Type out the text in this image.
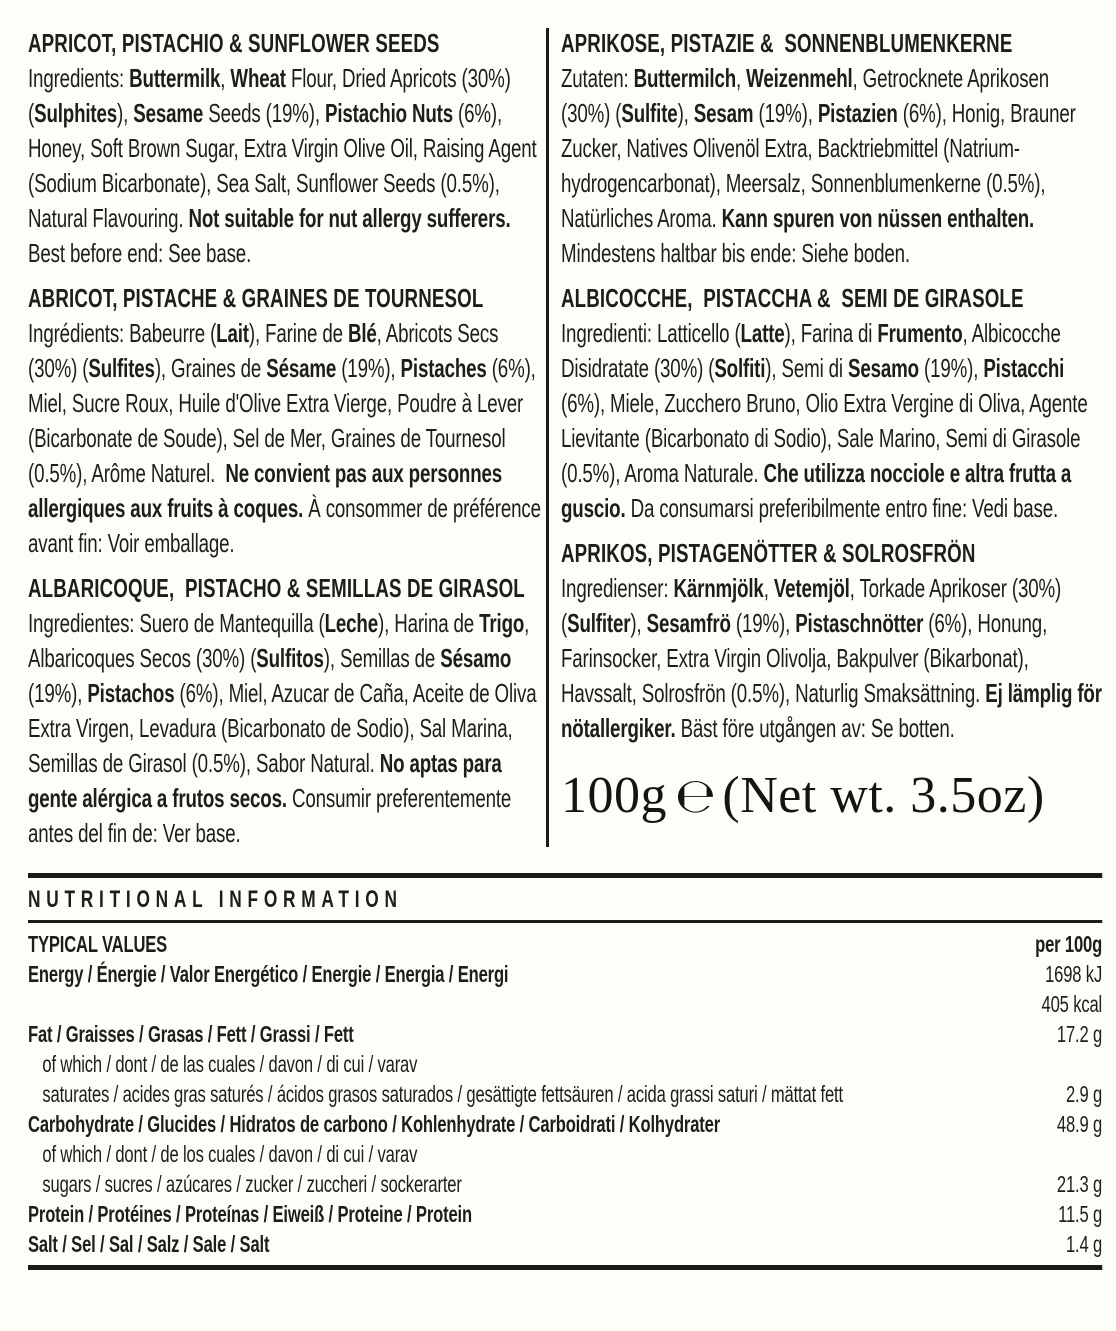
APRICOT, PISTACHIO & SUNFLOWER SEEDS
Ingredients: Buttermilk, Wheat Flour, Dried Apricots (30%) (Sulphites), Sesame Seeds (19%), Pistachio Nuts (6%), Honey, Soft Brown Sugar, Extra Virgin Olive Oil, Raising Agent (Sodium Bicarbonate), Sea Salt, Sunflower Seeds (0.5%), Natural Flavouring. Not suitable for nut allergy sufferers. Best before end: See base.
ABRICOT, PISTACHE & GRAINES DE TOURNESOL
Ingrédients: Babeurre (Lait), Farine de Blé, Abricots Secs (30%) (Sulfites), Graines de Sésame (19%), Pistaches (6%), Miel, Sucre Roux, Huile d'Olive Extra Vierge, Poudre à Lever (Bicarbonate de Soude), Sel de Mer, Graines de Tournesol (0.5%), Arôme Naturel.  Ne convient pas aux personnes allergiques aux fruits à coques. À consommer de préférence avant fin: Voir emballage.
ALBARICOQUE,  PISTACHO & SEMILLAS DE GIRASOL
Ingredientes: Suero de Mantequilla (Leche), Harina de Trigo, Albaricoques Secos (30%) (Sulfitos), Semillas de Sésamo (19%), Pistachos (6%), Miel, Azucar de Caña, Aceite de Oliva Extra Virgen, Levadura (Bicarbonato de Sodio), Sal Marina, Semillas de Girasol (0.5%), Sabor Natural. No aptas para gente alérgica a frutos secos. Consumir preferentemente antes del fin de: Ver base.
APRIKOSE, PISTAZIE &  SONNENBLUMENKERNE
Zutaten: Buttermilch, Weizenmehl, Getrocknete Aprikosen (30%) (Sulfite), Sesam (19%), Pistazien (6%), Honig, Brauner Zucker, Natives Olivenöl Extra, Backtriebmittel (Natrium-hydrogencarbonat), Meersalz, Sonnenblumenkerne (0.5%), Natürliches Aroma. Kann spuren von nüssen enthalten. Mindestens haltbar bis ende: Siehe boden.
ALBICOCCHE,  PISTACCHA &  SEMI DE GIRASOLE
Ingredienti: Latticello (Latte), Farina di Frumento, Albicocche Disidratate (30%) (Solfiti), Semi di Sesamo (19%), Pistacchi (6%), Miele, Zucchero Bruno, Olio Extra Vergine di Oliva, Agente Lievitante (Bicarbonato di Sodio), Sale Marino, Semi di Girasole (0.5%), Aroma Naturale. Che utilizza nocciole e altra frutta a guscio. Da consumarsi preferibilmente entro fine: Vedi base.
APRIKOS, PISTAGENÖTTER & SOLROSFRÖN
Ingredienser: Kärnmjölk, Vetemjöl, Torkade Aprikoser (30%) (Sulfiter), Sesamfrö (19%), Pistaschnötter (6%), Honung, Farinsocker, Extra Virgin Olivolja, Bakpulver (Bikarbonat), Havssalt, Solrosfrön (0.5%), Naturlig Smaksättning. Ej lämplig för nötallergiker. Bäst före utgången av: Se botten.
100g ℮ (Net wt. 3.5oz)
NUTRITIONAL INFORMATION
TYPICAL VALUES	per 100g
Energy / Énergie / Valor Energético / Energie / Energia / Energi	1698 kJ
405 kcal
Fat / Graisses / Grasas / Fett / Grassi / Fett	17.2 g
of which / dont / de las cuales / davon / di cui / varav
saturates / acides gras saturés / ácidos grasos saturados / gesättigte fettsäuren / acida grassi saturi / mättat fett	2.9 g
Carbohydrate / Glucides / Hidratos de carbono / Kohlenhydrate / Carboidrati / Kolhydrater	48.9 g
of which / dont / de los cuales / davon / di cui / varav
sugars / sucres / azúcares / zucker / zuccheri / sockerarter	21.3 g
Protein / Protéines / Proteínas / Eiweiß / Proteine / Protein	11.5 g
Salt / Sel / Sal / Salz / Sale / Salt	1.4 g
